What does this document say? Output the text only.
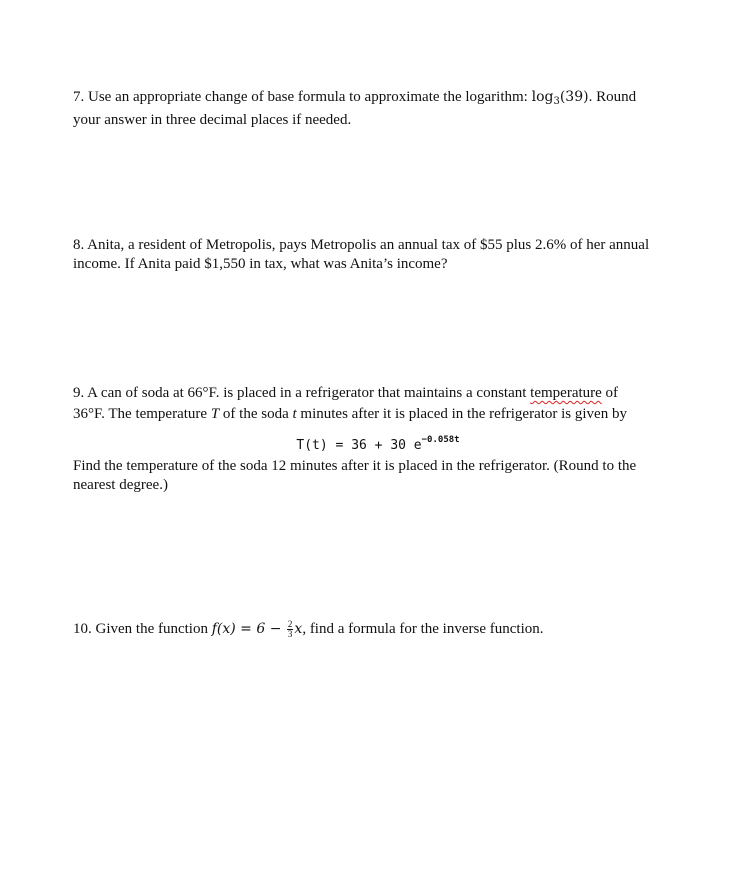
7. Use an appropriate change of base formula to approximate the logarithm: $\log_3(39)$. Round
your answer in three decimal places if needed.
8. Anita, a resident of Metropolis, pays Metropolis an annual tax of $55 plus 2.6% of her annual
income. If Anita paid $1,550 in tax, what was Anita’s income?
9. A can of soda at 66°F. is placed in a refrigerator that maintains a constant temperature of
36°F. The temperature T of the soda t minutes after it is placed in the refrigerator is given by
T(t) = 36 + 30 $e^{-0.058t}$
Find the temperature of the soda 12 minutes after it is placed in the refrigerator. (Round to the
nearest degree.)
10. Given the function $f(x) = 6 - \frac{2}{3} x$, find a formula for the inverse function.
